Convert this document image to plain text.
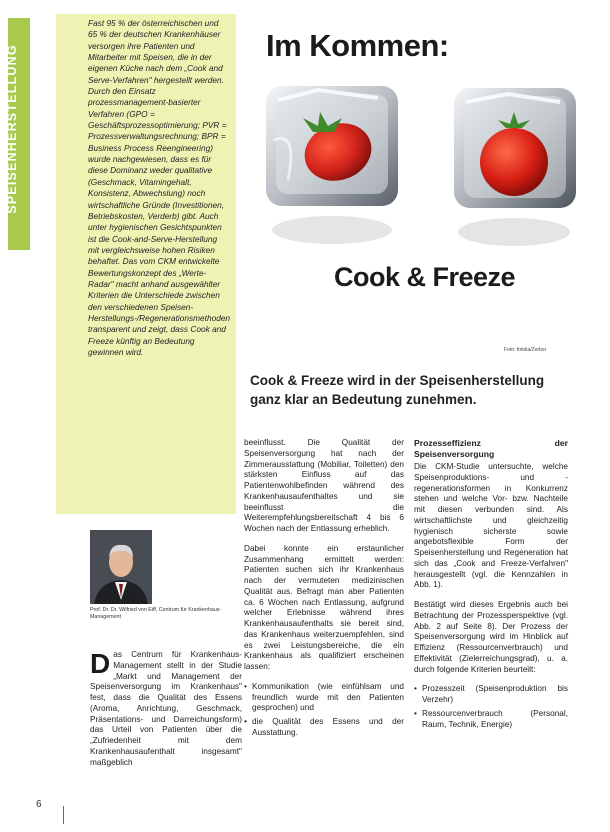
SPEISENHERSTELLUNG
Fast 95 % der österreichischen und 65 % der deutschen Krankenhäuser versorgen ihre Patienten und Mitarbeiter mit Speisen, die in der eigenen Küche nach dem „Cook and Serve-Verfahren" hergestellt werden. Durch den Einsatz prozessmanagement-basierter Verfahren (GPO = Geschäftsprozessoptimierung; PVR = Prozessverwaltungsrechnung; BPR = Business Process Reengineering) wurde nachgewiesen, dass es für diese Dominanz weder qualitative (Geschmack, Vitamingehalt, Konsistenz, Abwechslung) noch wirtschaftliche Gründe (Investitionen, Betriebskosten, Verderb) gibt. Auch unter hygienischen Gesichtspunkten ist die Cook-and-Serve-Herstellung mit vergleichsweise hohen Risiken behaftet. Das vom CKM entwickelte Bewertungskonzept des „Werte-Radar" macht anhand ausgewählter Kriterien die Unterschiede zwischen den verschiedenen Speisen-Herstellungs-/Regenerationsmethoden transparent und zeigt, dass Cook and Freeze künftig an Bedeutung gewinnen wird.
Im Kommen:
Cook & Freeze
Foto: fotolia/Zerbor
Cook & Freeze wird in der Speisenherstellung ganz klar an Bedeutung zunehmen.

beeinflusst. Die Qualität der Speisenversorgung hat nach der Zimmerausstattung (Mobiliar, Toiletten) den stärksten Einfluss auf das Patientenwohlbefinden während des Krankenhausaufenthaltes und sie beeinflusst die Weiterempfehlungsbereitschaft 4 bis 6 Wochen nach der Entlassung erheblich.

Dabei konnte ein erstaunlicher Zusammenhang ermittelt werden: Patienten suchen sich ihr Krankenhaus nach der vermuteten medizinischen Qualität aus. Befragt man aber Patienten ca. 6 Wochen nach Entlassung, aufgrund welcher Erlebnisse während ihres Krankenhausaufenthalts sie bereit sind, das Krankenhaus weiterzuempfehlen, sind es zwei Leistungsbereiche, die ein Krankenhaus als qualifiziert erscheinen lassen:

• Kommunikation (wie einfühlsam und freundlich wurde mit den Patienten gesprochen) und
• die Qualität des Essens und der Ausstattung.
Prozesseffizienz der Speisenversorgung

Die CKM-Studie untersuchte, welche Speisenproduktions- und -regenerationsformen in Konkurrenz stehen und welche Vor- bzw. Nachteile mit diesen verbunden sind. Als wirtschaftlichste und gleichzeitig hygienisch sicherste sowie angebotsflexible Form der Speisenherstellung und Regeneration hat sich das „Cook and Freeze-Verfahren" herausgestellt (vgl. die Kennzahlen in Abb. 1).

Bestätigt wird dieses Ergebnis auch bei Betrachtung der Prozessperspektive (vgl. Abb. 2 auf Seite 8). Der Prozess der Speisenversorgung wird im Hinblick auf Effizienz (Ressourcenverbrauch) und Effektivität (Zielerreichungsgrad), u. a. durch folgende Kriterien beurteilt:

• Prozesszeit (Speisenproduktion bis Verzehr)
• Ressourcenverbrauch (Personal, Raum, Technik, Energie)
Prof. Dr. Dr. Wilfried von Eiff, Centrum für Krankenhaus-Management
Das Centrum für Krankenhaus-Management stellt in der Studie „Markt und Management der Speisenversorgung im Krankenhaus" fest, dass die Qualität des Essens (Aroma, Anrichtung, Geschmack, Präsentations- und Darreichungsform) das Urteil von Patienten über die „Zufriedenheit mit dem Krankenhausaufenthalt insgesamt" maßgeblich
6
